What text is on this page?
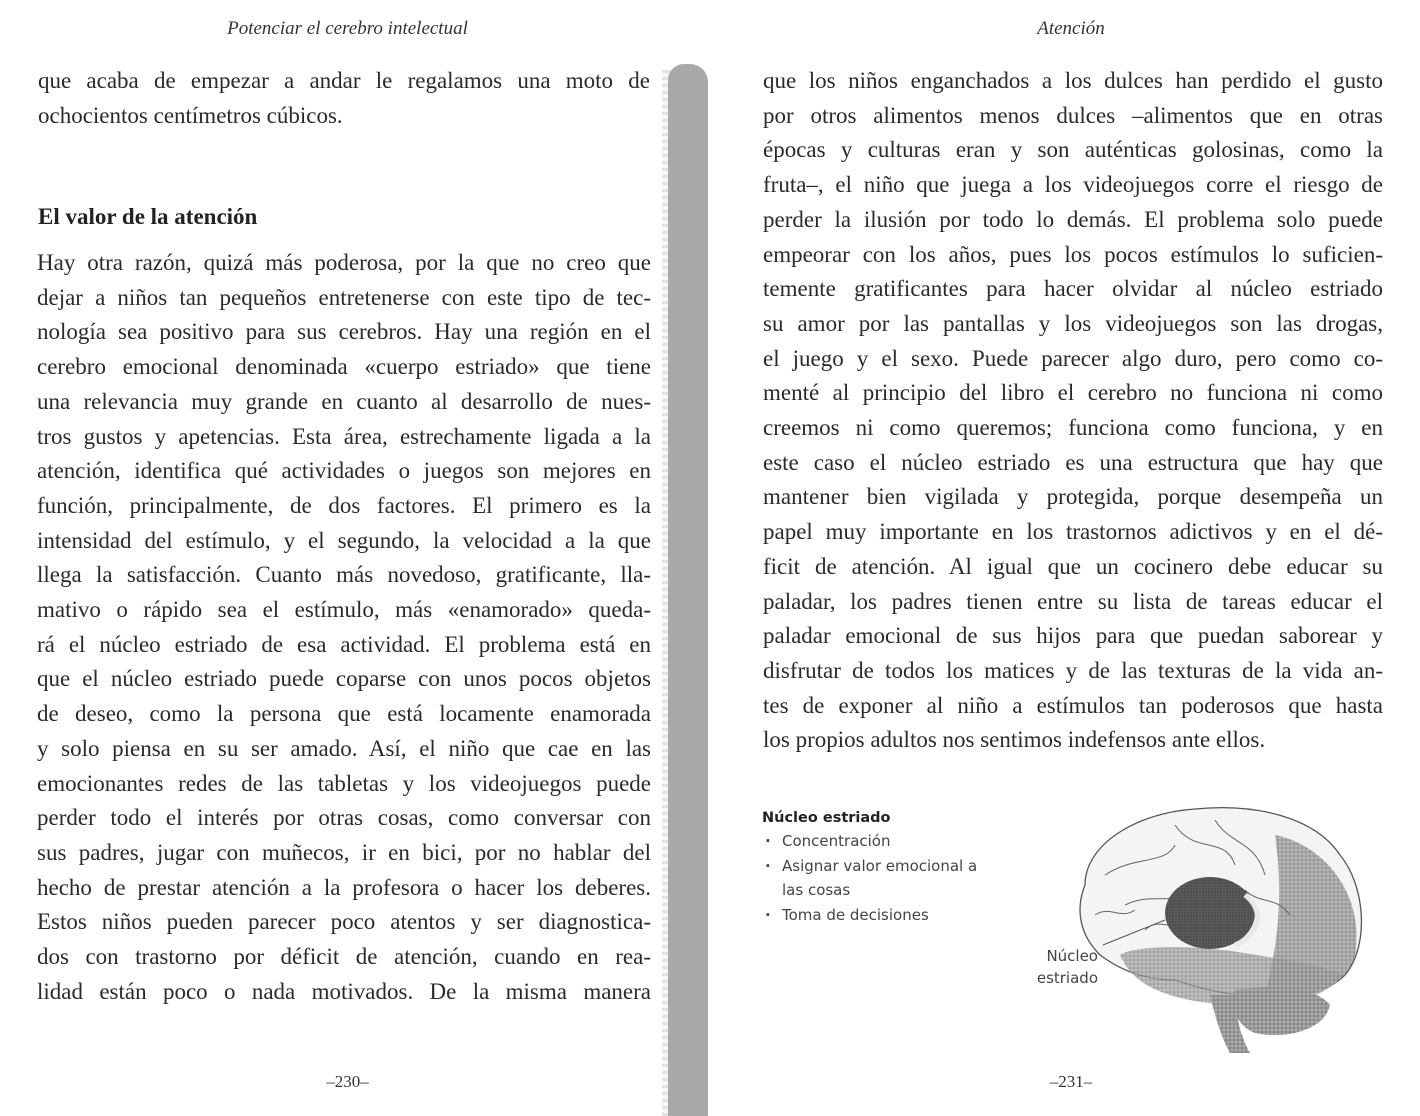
Potenciar el cerebro intelectual
que acaba de empezar a andar le regalamos una moto de
ochocientos centímetros cúbicos.
El valor de la atención
Hay otra razón, quizá más poderosa, por la que no creo que
dejar a niños tan pequeños entretenerse con este tipo de tec-
nología sea positivo para sus cerebros. Hay una región en el
cerebro emocional denominada «cuerpo estriado» que tiene
una relevancia muy grande en cuanto al desarrollo de nues-
tros gustos y apetencias. Esta área, estrechamente ligada a la
atención, identifica qué actividades o juegos son mejores en
función, principalmente, de dos factores. El primero es la
intensidad del estímulo, y el segundo, la velocidad a la que
llega la satisfacción. Cuanto más novedoso, gratificante, lla-
mativo o rápido sea el estímulo, más «enamorado» queda-
rá el núcleo estriado de esa actividad. El problema está en
que el núcleo estriado puede coparse con unos pocos objetos
de deseo, como la persona que está locamente enamorada
y solo piensa en su ser amado. Así, el niño que cae en las
emocionantes redes de las tabletas y los videojuegos puede
perder todo el interés por otras cosas, como conversar con
sus padres, jugar con muñecos, ir en bici, por no hablar del
hecho de prestar atención a la profesora o hacer los deberes.
Estos niños pueden parecer poco atentos y ser diagnostica-
dos con trastorno por déficit de atención, cuando en rea-
lidad están poco o nada motivados. De la misma manera
–230–
Atención
que los niños enganchados a los dulces han perdido el gusto
por otros alimentos menos dulces –alimentos que en otras
épocas y culturas eran y son auténticas golosinas, como la
fruta–, el niño que juega a los videojuegos corre el riesgo de
perder la ilusión por todo lo demás. El problema solo puede
empeorar con los años, pues los pocos estímulos lo suficien-
temente gratificantes para hacer olvidar al núcleo estriado
su amor por las pantallas y los videojuegos son las drogas,
el juego y el sexo. Puede parecer algo duro, pero como co-
menté al principio del libro el cerebro no funciona ni como
creemos ni como queremos; funciona como funciona, y en
este caso el núcleo estriado es una estructura que hay que
mantener bien vigilada y protegida, porque desempeña un
papel muy importante en los trastornos adictivos y en el dé-
ficit de atención. Al igual que un cocinero debe educar su
paladar, los padres tienen entre su lista de tareas educar el
paladar emocional de sus hijos para que puedan saborear y
disfrutar de todos los matices y de las texturas de la vida an-
tes de exponer al niño a estímulos tan poderosos que hasta
los propios adultos nos sentimos indefensos ante ellos.
–231–
Núcleo estriado
· Concentración
· Asignar valor emocional a las cosas
· Toma de decisiones
Núcleo
estriado
